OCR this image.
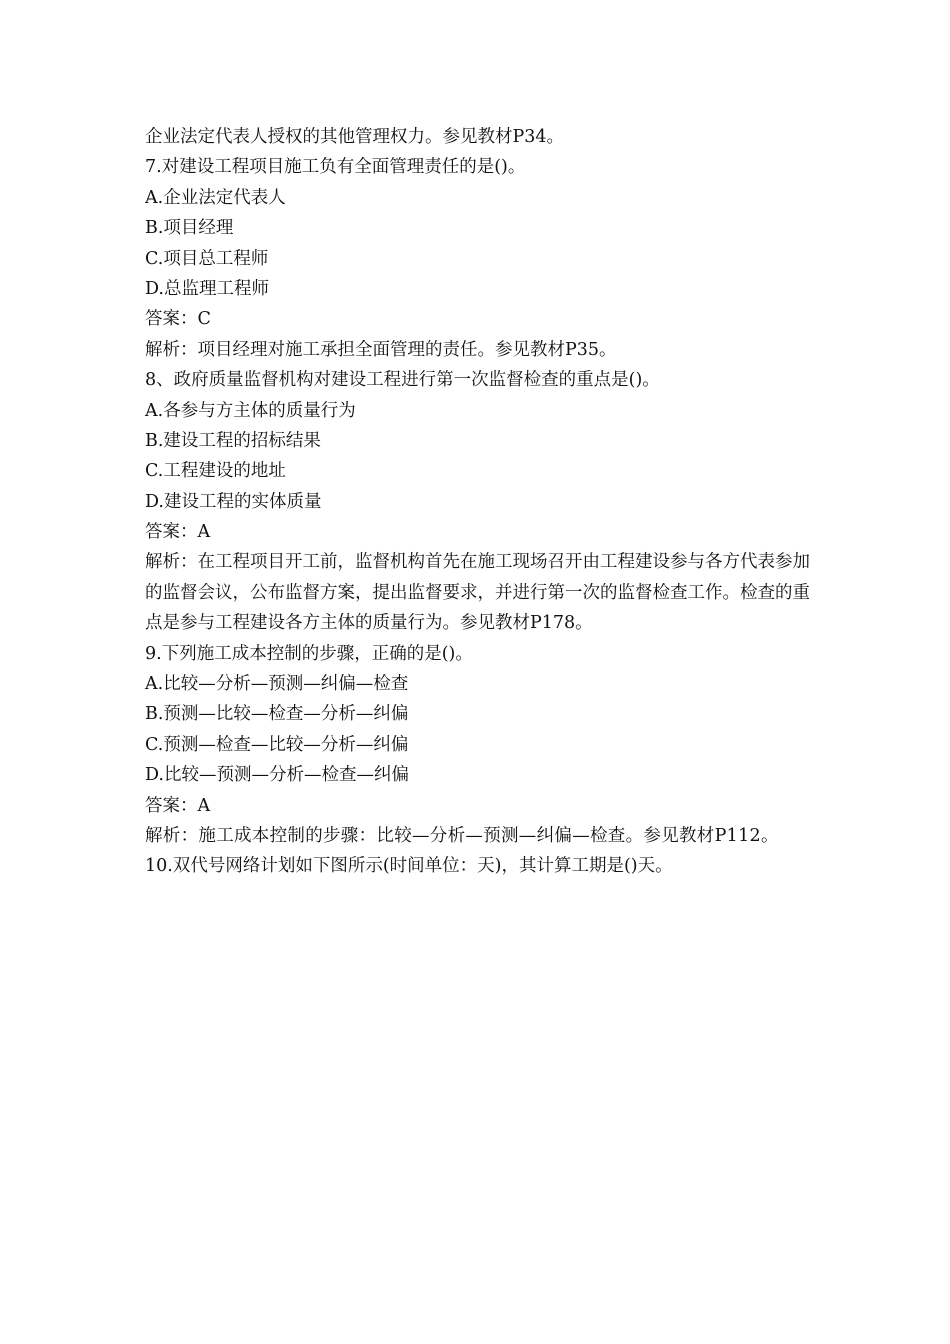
企业法定代表人授权的其他管理权力。参见教材P34。
7.对建设工程项目施工负有全面管理责任的是()。
A.企业法定代表人
B.项目经理
C.项目总工程师
D.总监理工程师
答案：C
解析：项目经理对施工承担全面管理的责任。参见教材P35。
8、政府质量监督机构对建设工程进行第一次监督检查的重点是()。
A.各参与方主体的质量行为
B.建设工程的招标结果
C.工程建设的地址
D.建设工程的实体质量
答案：A
解析：在工程项目开工前，监督机构首先在施工现场召开由工程建设参与各方代表参加的监督会议，公布监督方案，提出监督要求，并进行第一次的监督检查工作。检查的重点是参与工程建设各方主体的质量行为。参见教材P178。
9.下列施工成本控制的步骤，正确的是()。
A.比较—分析—预测—纠偏—检查
B.预测—比较—检查—分析—纠偏
C.预测—检查—比较—分析—纠偏
D.比较—预测—分析—检查—纠偏
答案：A
解析：施工成本控制的步骤：比较—分析—预测—纠偏—检查。参见教材P112。
10.双代号网络计划如下图所示(时间单位：天)，其计算工期是()天。
